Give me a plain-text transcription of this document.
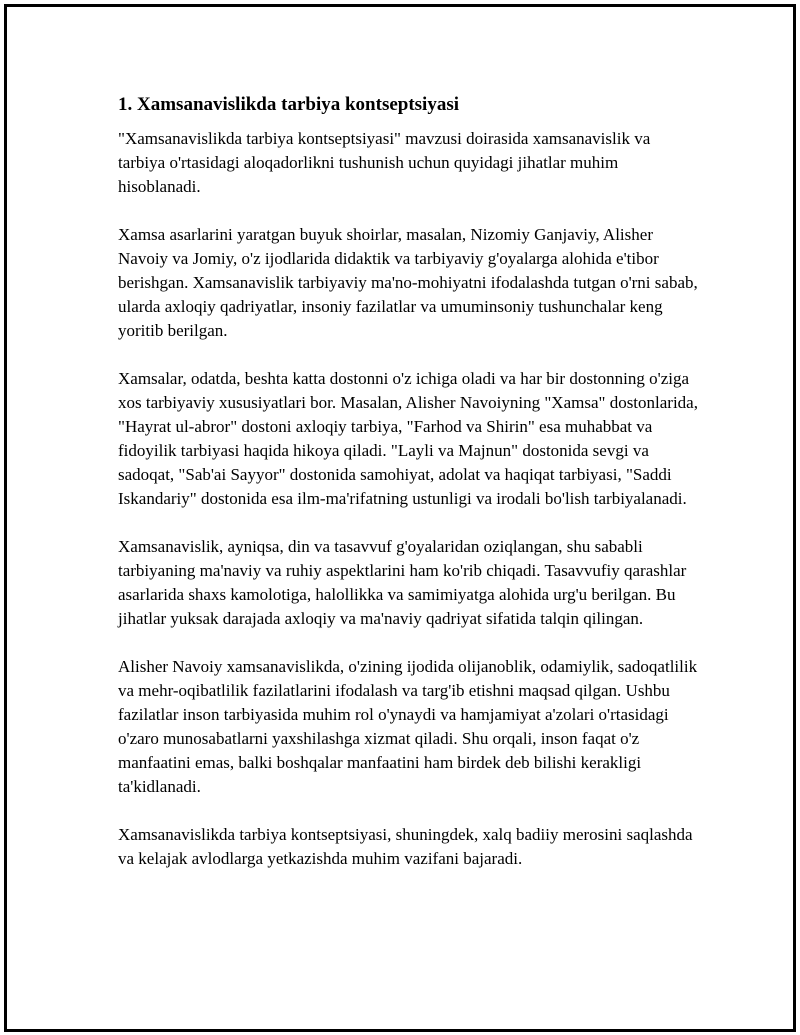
1. Xamsanavislikda tarbiya kontseptsiyasi

"Xamsanavislikda tarbiya kontseptsiyasi" mavzusi doirasida xamsanavislik va tarbiya o'rtasidagi aloqadorlikni tushunish uchun quyidagi jihatlar muhim hisoblanadi.

Xamsa asarlarini yaratgan buyuk shoirlar, masalan, Nizomiy Ganjaviy, Alisher Navoiy va Jomiy, o'z ijodlarida didaktik va tarbiyaviy g'oyalarga alohida e'tibor berishgan. Xamsanavislik tarbiyaviy ma'no-mohiyatni ifodalashda tutgan o'rni sabab, ularda axloqiy qadriyatlar, insoniy fazilatlar va umuminsoniy tushunchalar keng yoritib berilgan.

Xamsalar, odatda, beshta katta dostonni o'z ichiga oladi va har bir dostonning o'ziga xos tarbiyaviy xususiyatlari bor. Masalan, Alisher Navoiyning "Xamsa" dostonlarida, "Hayrat ul-abror" dostoni axloqiy tarbiya, "Farhod va Shirin" esa muhabbat va fidoyilik tarbiyasi haqida hikoya qiladi. "Layli va Majnun" dostonida sevgi va sadoqat, "Sab'ai Sayyor" dostonida samohiyat, adolat va haqiqat tarbiyasi, "Saddi Iskandariy" dostonida esa ilm-ma'rifatning ustunligi va irodali bo'lish tarbiyalanadi.

Xamsanavislik, ayniqsa, din va tasavvuf g'oyalaridan oziqlangan, shu sababli tarbiyaning ma'naviy va ruhiy aspektlarini ham ko'rib chiqadi. Tasavvufiy qarashlar asarlarida shaxs kamolotiga, halollikka va samimiyatga alohida urg'u berilgan. Bu jihatlar yuksak darajada axloqiy va ma'naviy qadriyat sifatida talqin qilingan.

Alisher Navoiy xamsanavislikda, o'zining ijodida olijanoblik, odamiylik, sadoqatlilik va mehr-oqibatlilik fazilatlarini ifodalash va targ'ib etishni maqsad qilgan. Ushbu fazilatlar inson tarbiyasida muhim rol o'ynaydi va hamjamiyat a'zolari o'rtasidagi o'zaro munosabatlarni yaxshilashga xizmat qiladi. Shu orqali, inson faqat o'z manfaatini emas, balki boshqalar manfaatini ham birdek deb bilishi kerakligi ta'kidlanadi.

Xamsanavislikda tarbiya kontseptsiyasi, shuningdek, xalq badiiy merosini saqlashda va kelajak avlodlarga yetkazishda muhim vazifani bajaradi.
